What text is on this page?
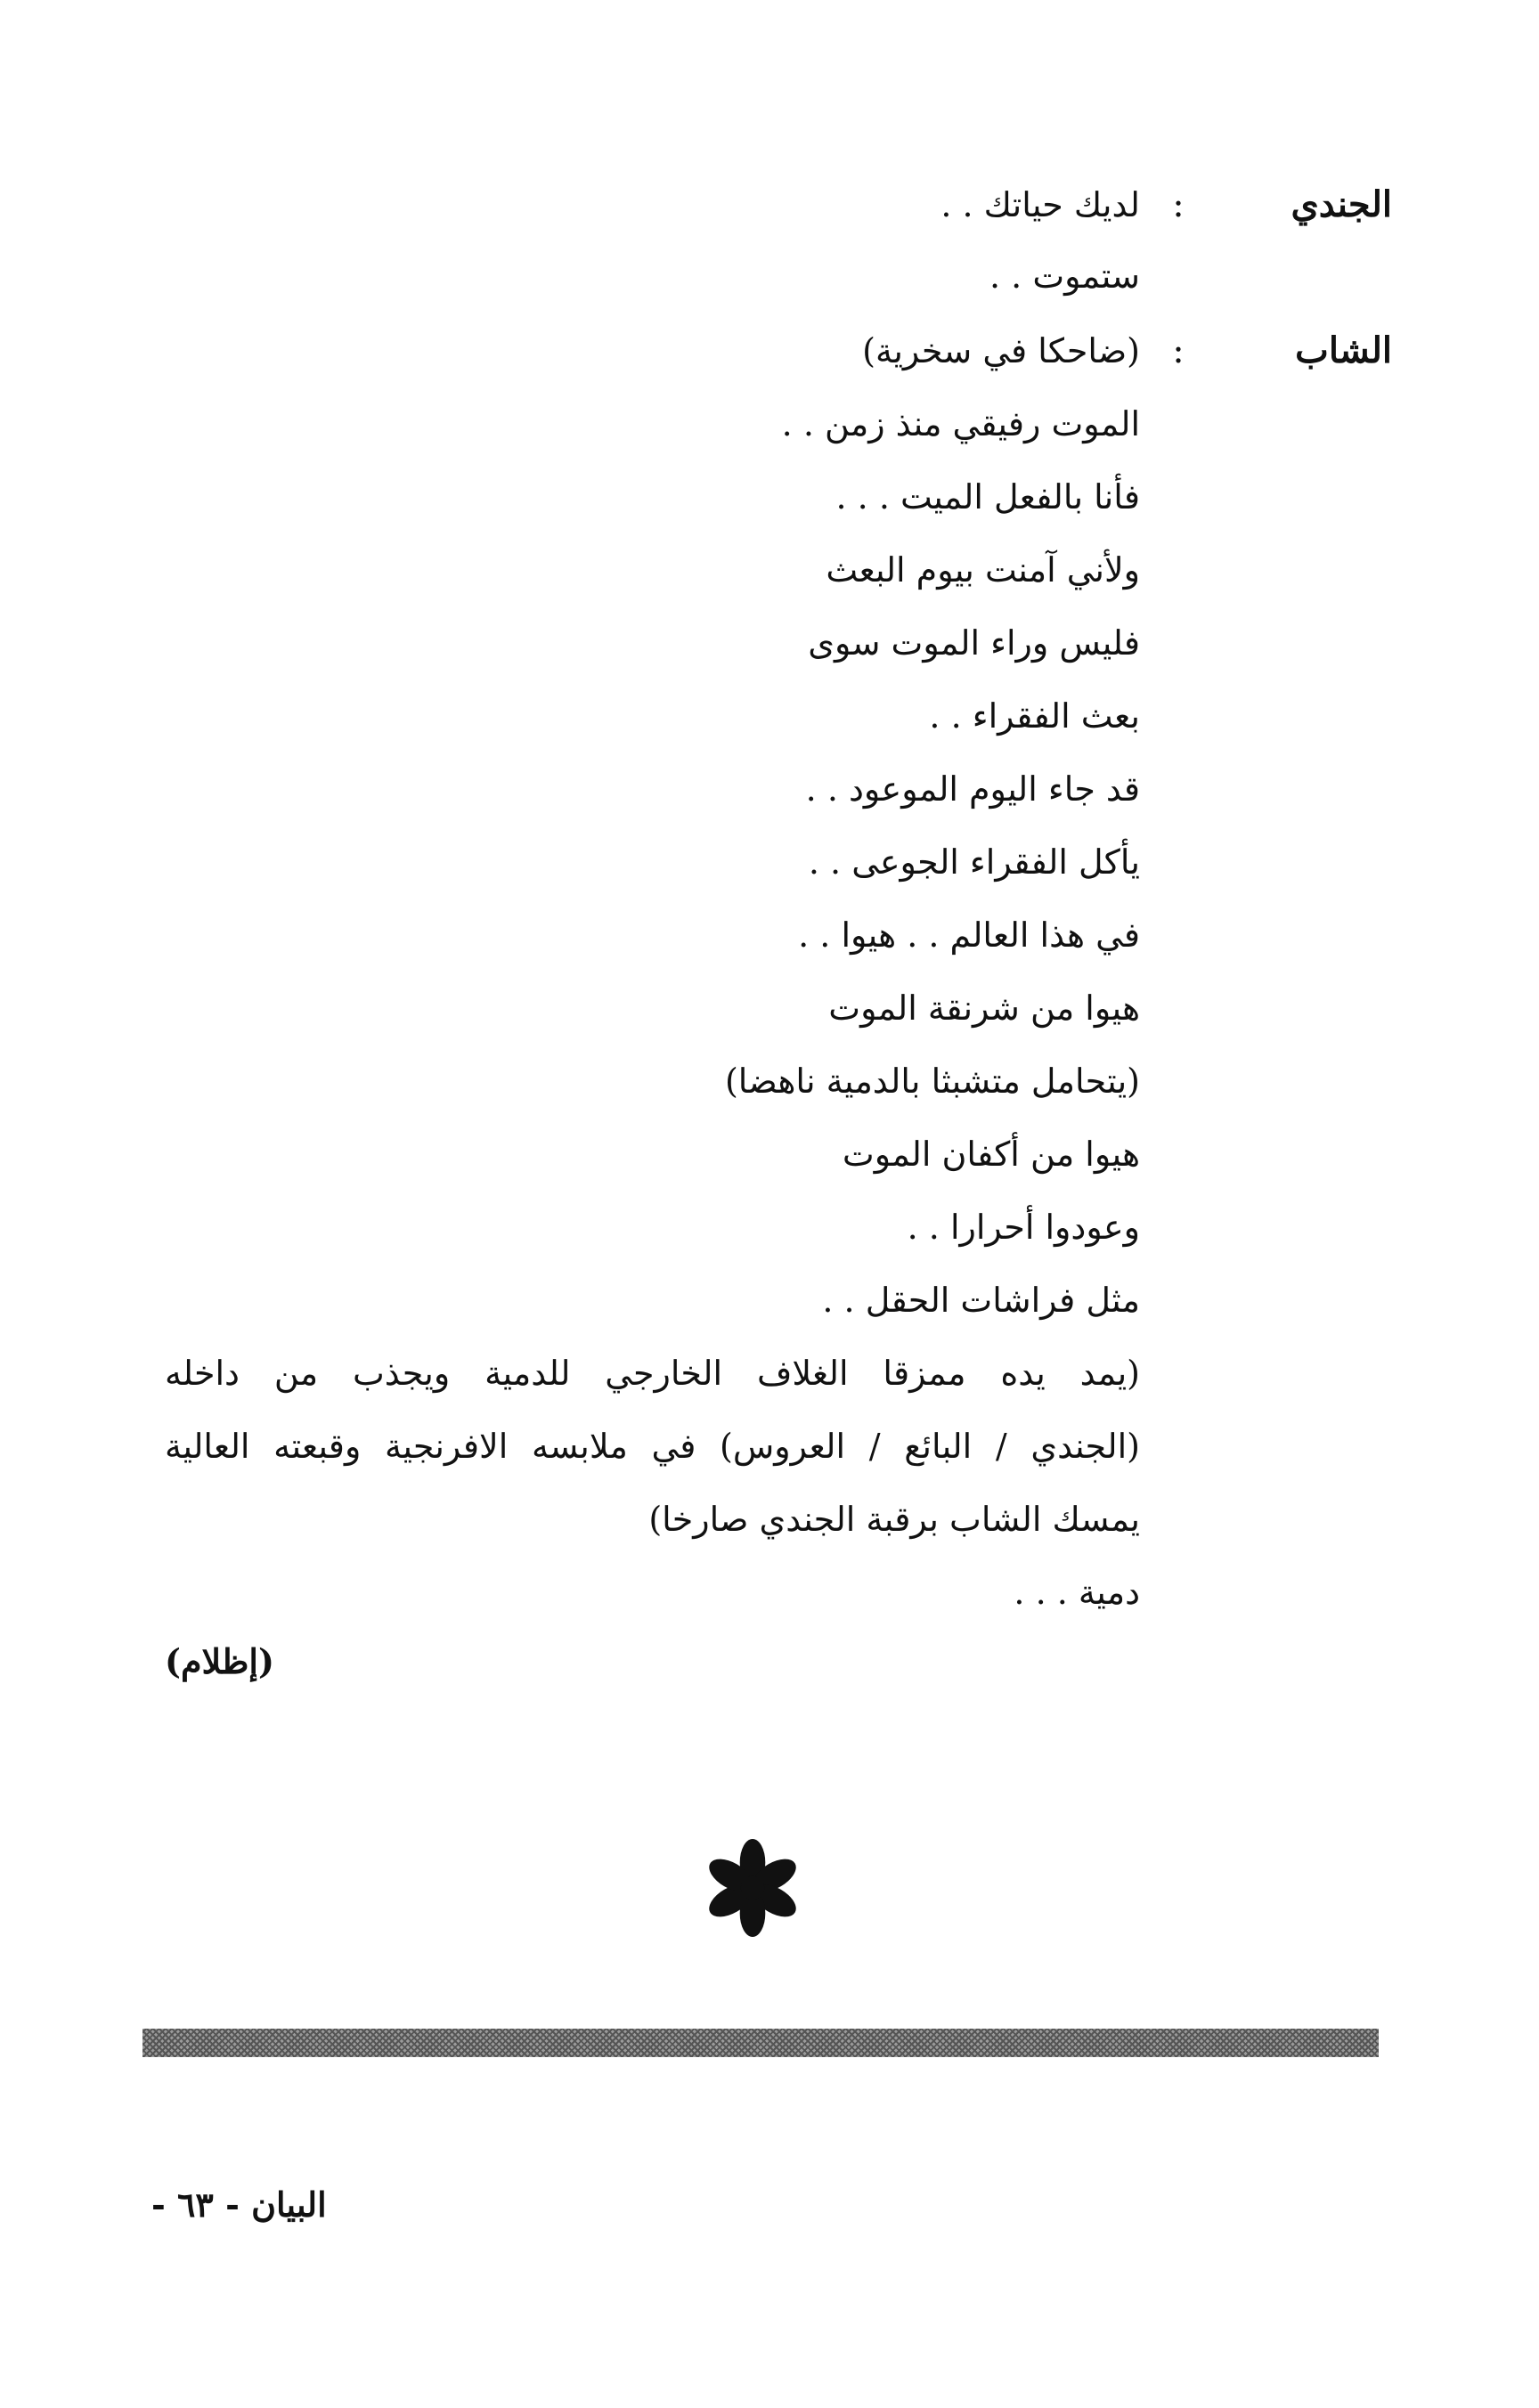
الجندي
:
لديك حياتك . .
ستموت . .
الشاب
:
(ضاحكا في سخرية)
الموت رفيقي منذ زمن . .
فأنا بالفعل الميت . . .
ولأني آمنت بيوم البعث
فليس وراء الموت سوى
بعث الفقراء . .
قد جاء اليوم الموعود . .
يأكل الفقراء الجوعى . .
في هذا العالم . . هيوا . .
هيوا من شرنقة الموت
(يتحامل متشبثا بالدمية ناهضا)
هيوا من أكفان الموت
وعودوا أحرارا . .
مثل فراشات الحقل . .
(يمد يده ممزقا الغلاف الخارجي للدمية ويجذب من داخله
(الجندي / البائع / العروس) في ملابسه الافرنجية وقبعته العالية
يمسك الشاب برقبة الجندي صارخا)
دمية . . .
(إظلام)
البيان - ٦٣ -
